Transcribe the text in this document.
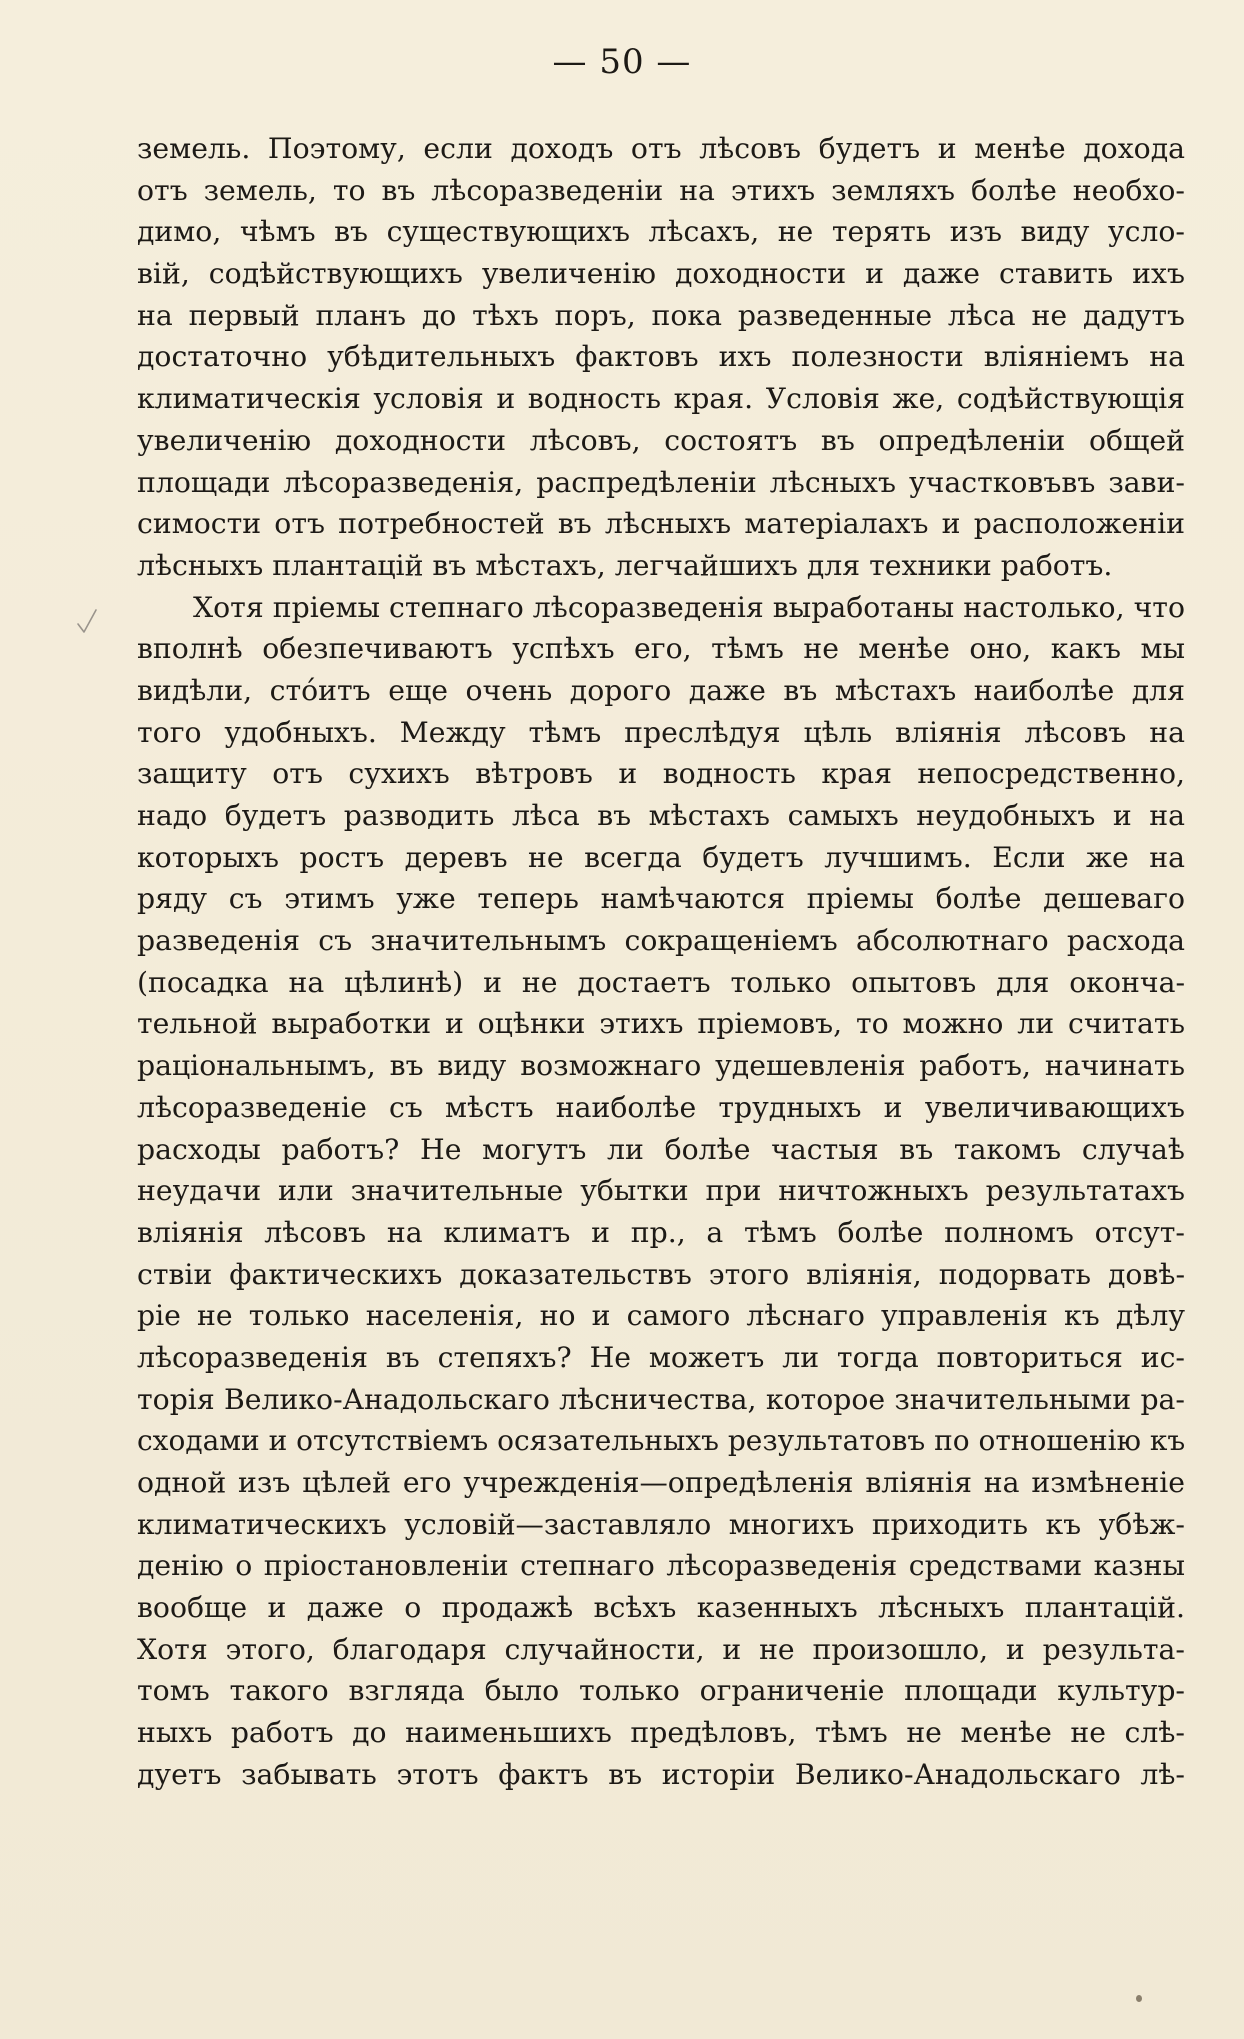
— 50 —
земель. Поэтому, если доходъ отъ лѣсовъ будетъ и менѣе дохода
отъ земель, то въ лѣсоразведеніи на этихъ земляхъ болѣе необхо-
димо, чѣмъ въ существующихъ лѣсахъ, не терять изъ виду усло-
вій, содѣйствующихъ увеличенію доходности и даже ставить ихъ
на первый планъ до тѣхъ поръ, пока разведенные лѣса не дадутъ
достаточно убѣдительныхъ фактовъ ихъ полезности вліяніемъ на
климатическія условія и водность края. Условія же, содѣйствующія
увеличенію доходности лѣсовъ, состоятъ въ опредѣленіи общей
площади лѣсоразведенія, распредѣленіи лѣсныхъ участковъвъ зави-
симости отъ потребностей въ лѣсныхъ матеріалахъ и расположеніи
лѣсныхъ плантацій въ мѣстахъ, легчайшихъ для техники работъ.
Хотя пріемы степнаго лѣсоразведенія выработаны настолько, что
вполнѣ обезпечиваютъ успѣхъ его, тѣмъ не менѣе оно, какъ мы
видѣли, стóитъ еще очень дорого даже въ мѣстахъ наиболѣе для
того удобныхъ. Между тѣмъ преслѣдуя цѣль вліянія лѣсовъ на
защиту отъ сухихъ вѣтровъ и водность края непосредственно,
надо будетъ разводить лѣса въ мѣстахъ самыхъ неудобныхъ и на
которыхъ ростъ деревъ не всегда будетъ лучшимъ. Если же на
ряду съ этимъ уже теперь намѣчаются пріемы болѣе дешеваго
разведенія съ значительнымъ сокращеніемъ абсолютнаго расхода
(посадка на цѣлинѣ) и не достаетъ только опытовъ для оконча-
тельной выработки и оцѣнки этихъ пріемовъ, то можно ли считать
раціональнымъ, въ виду возможнаго удешевленія работъ, начинать
лѣсоразведеніе съ мѣстъ наиболѣе трудныхъ и увеличивающихъ
расходы работъ? Не могутъ ли болѣе частыя въ такомъ случаѣ
неудачи или значительные убытки при ничтожныхъ результатахъ
вліянія лѣсовъ на климатъ и пр., а тѣмъ болѣе полномъ отсут-
ствіи фактическихъ доказательствъ этого вліянія, подорвать довѣ-
ріе не только населенія, но и самого лѣснаго управленія къ дѣлу
лѣсоразведенія въ степяхъ? Не можетъ ли тогда повториться ис-
торія Велико-Анадольскаго лѣсничества, которое значительными ра-
сходами и отсутствіемъ осязательныхъ результатовъ по отношенію къ
одной изъ цѣлей его учрежденія—опредѣленія вліянія на измѣненіе
климатическихъ условій—заставляло многихъ приходить къ убѣж-
денію о пріостановленіи степнаго лѣсоразведенія средствами казны
вообще и даже о продажѣ всѣхъ казенныхъ лѣсныхъ плантацій.
Хотя этого, благодаря случайности, и не произошло, и результа-
томъ такого взгляда было только ограниченіе площади культур-
ныхъ работъ до наименьшихъ предѣловъ, тѣмъ не менѣе не слѣ-
дуетъ забывать этотъ фактъ въ исторіи Велико-Анадольскаго лѣ-
